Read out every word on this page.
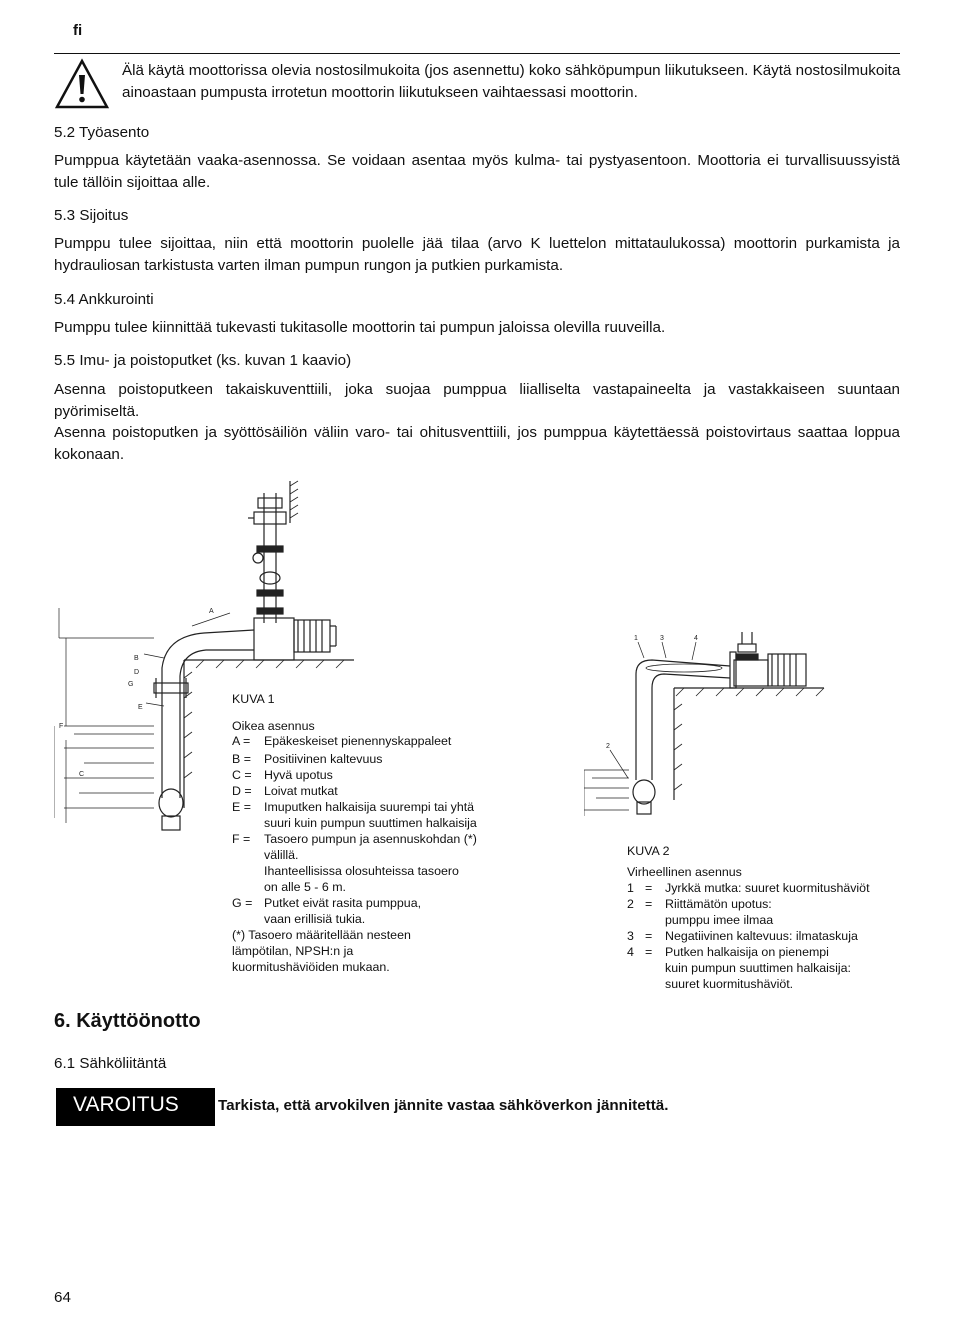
fi
Älä käytä moottorissa olevia nostosilmukoita (jos asennettu) koko sähköpumpun liikutukseen. Käytä nostosilmukoita ainoastaan pumpusta irrotetun moottorin liikutukseen vaihtaessasi moottorin.
5.2 Työasento
Pumppua käytetään vaaka-asennossa. Se voidaan asentaa myös kulma- tai pystyasentoon. Moottoria ei turvallisuussyistä tule tällöin sijoittaa alle.
5.3 Sijoitus
Pumppu tulee sijoittaa, niin että moottorin puolelle jää tilaa (arvo K luettelon mittataulukossa) moottorin purkamista ja hydrauliosan tarkistusta varten ilman pumpun rungon ja putkien purkamista.
5.4 Ankkurointi
Pumppu tulee kiinnittää tukevasti tukitasolle moottorin tai pumpun jaloissa olevilla ruuveilla.
5.5 Imu- ja poistoputket (ks. kuvan 1 kaavio)
Asenna poistoputkeen takaiskuventtiili, joka suojaa pumppua liialliselta vastapaineelta ja vastakkaiseen suuntaan pyörimiseltä.
Asenna poistoputken ja syöttösäiliön väliin varo- tai ohitusventtiili, jos pumppua käytettäessä poistovirtaus saattaa loppua kokonaan.
A
B
D
G
E
F
C
KUVA 1
Oikea asennus
A =	Epäkeskeiset pienennyskappaleet
B =	Positiivinen kaltevuus
C = Hyvä upotus
D = Loivat mutkat
E =	Imuputken halkaisija suurempi tai yhtä
suuri kuin pumpun suuttimen halkaisija
F =	Tasoero pumpun ja asennuskohdan (*)
välillä.
Ihanteellisissa olosuhteissa tasoero
on alle 5 - 6 m.
G = Putket eivät rasita pumppua,
vaan erillisiä tukia.
(*) Tasoero määritellään nesteen lämpötilan, NPSH:n ja kuormitushäviöiden mukaan.
1	3	4
2
KUVA 2
Virheellinen asennus
1 =	Jyrkkä mutka: suuret kuormitushäviöt
2 =	Riittämätön upotus:
pumppu imee ilmaa
3 =	Negatiivinen kaltevuus: ilmataskuja
4 =	Putken halkaisija on pienempi
kuin pumpun suuttimen halkaisija:
suuret kuormitushäviöt.
6. Käyttöönotto
6.1 Sähköliitäntä
VAROITUS	Tarkista, että arvokilven jännite vastaa sähköverkon jännitettä.
64
